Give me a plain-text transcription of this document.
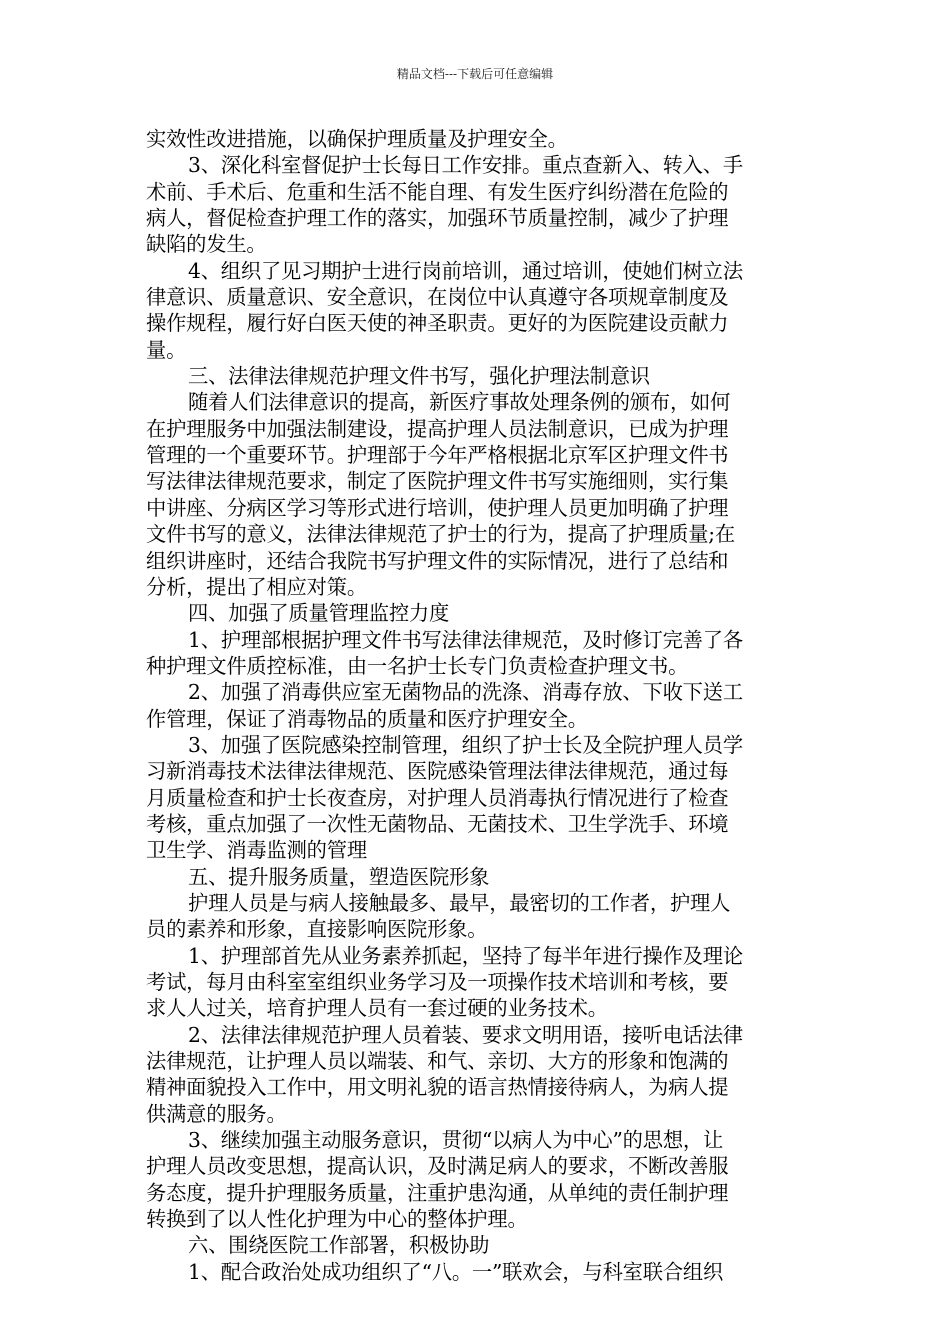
精品文档---下载后可任意编辑
实效性改进措施，以确保护理质量及护理安全。
3、深化科室督促护士长每日工作安排。重点查新入、转入、手
术前、手术后、危重和生活不能自理、有发生医疗纠纷潜在危险的
病人，督促检查护理工作的落实，加强环节质量控制，减少了护理
缺陷的发生。
4、组织了见习期护士进行岗前培训，通过培训，使她们树立法
律意识、质量意识、安全意识，在岗位中认真遵守各项规章制度及
操作规程，履行好白医天使的神圣职责。更好的为医院建设贡献力
量。
三、法律法律规范护理文件书写，强化护理法制意识
随着人们法律意识的提高，新医疗事故处理条例的颁布，如何
在护理服务中加强法制建设，提高护理人员法制意识，已成为护理
管理的一个重要环节。护理部于今年严格根据北京军区护理文件书
写法律法律规范要求，制定了医院护理文件书写实施细则，实行集
中讲座、分病区学习等形式进行培训，使护理人员更加明确了护理
文件书写的意义，法律法律规范了护士的行为，提高了护理质量;在
组织讲座时，还结合我院书写护理文件的实际情况，进行了总结和
分析，提出了相应对策。
四、加强了质量管理监控力度
1、护理部根据护理文件书写法律法律规范，及时修订完善了各
种护理文件质控标准，由一名护士长专门负责检查护理文书。
2、加强了消毒供应室无菌物品的洗涤、消毒存放、下收下送工
作管理，保证了消毒物品的质量和医疗护理安全。
3、加强了医院感染控制管理，组织了护士长及全院护理人员学
习新消毒技术法律法律规范、医院感染管理法律法律规范，通过每
月质量检查和护士长夜查房，对护理人员消毒执行情况进行了检查
考核，重点加强了一次性无菌物品、无菌技术、卫生学洗手、环境
卫生学、消毒监测的管理
五、提升服务质量，塑造医院形象
护理人员是与病人接触最多、最早，最密切的工作者，护理人
员的素养和形象，直接影响医院形象。
1、护理部首先从业务素养抓起，坚持了每半年进行操作及理论
考试，每月由科室室组织业务学习及一项操作技术培训和考核，要
求人人过关，培育护理人员有一套过硬的业务技术。
2、法律法律规范护理人员着装、要求文明用语，接听电话法律
法律规范，让护理人员以端装、和气、亲切、大方的形象和饱满的
精神面貌投入工作中，用文明礼貌的语言热情接待病人，为病人提
供满意的服务。
3、继续加强主动服务意识，贯彻“以病人为中心”的思想，让
护理人员改变思想，提高认识，及时满足病人的要求，不断改善服
务态度，提升护理服务质量，注重护患沟通，从单纯的责任制护理
转换到了以人性化护理为中心的整体护理。
六、围绕医院工作部署，积极协助
1、配合政治处成功组织了“八。一”联欢会，与科室联合组织
